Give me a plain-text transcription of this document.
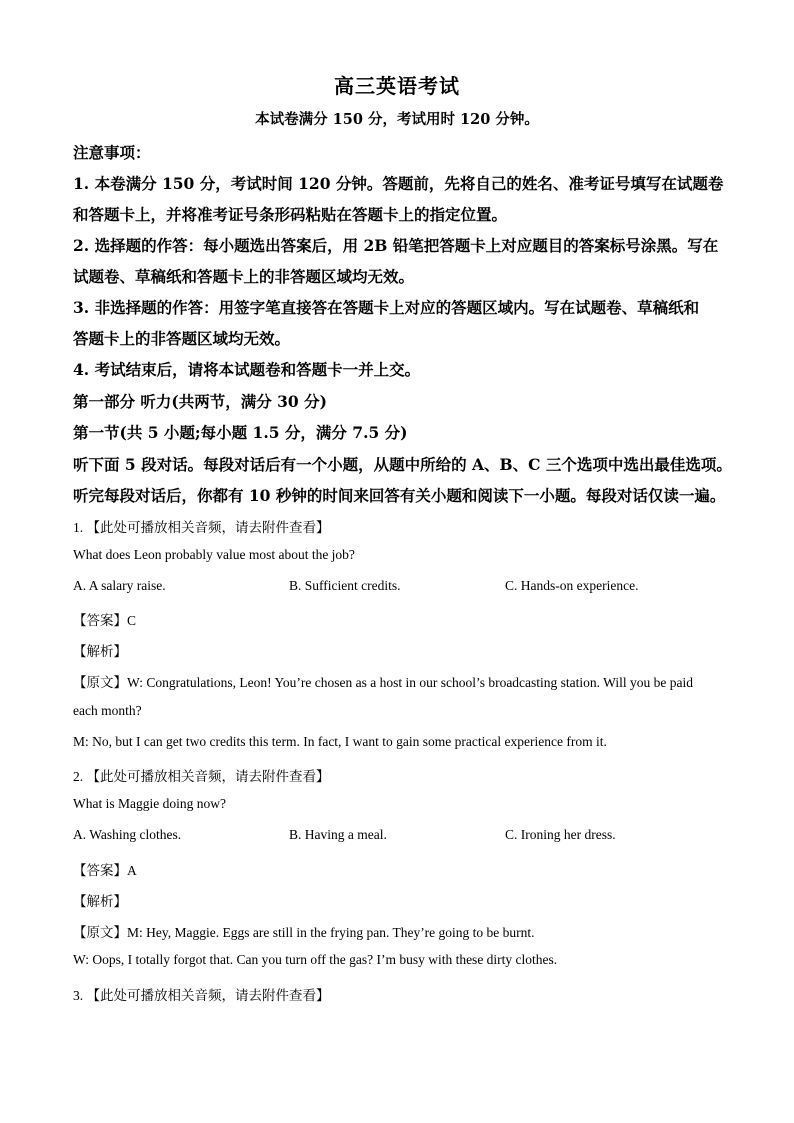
高三英语考试
本试卷满分 150 分，考试用时 120 分钟。
注意事项：
1. 本卷满分 150 分，考试时间 120 分钟。答题前，先将自己的姓名、准考证号填写在试题卷
和答题卡上，并将准考证号条形码粘贴在答题卡上的指定位置。
2. 选择题的作答：每小题选出答案后，用 2B 铅笔把答题卡上对应题目的答案标号涂黑。写在
试题卷、草稿纸和答题卡上的非答题区域均无效。
3. 非选择题的作答：用签字笔直接答在答题卡上对应的答题区域内。写在试题卷、草稿纸和
答题卡上的非答题区域均无效。
4. 考试结束后，请将本试题卷和答题卡一并上交。
第一部分 听力(共两节，满分 30 分)
第一节(共 5 小题;每小题 1.5 分，满分 7.5 分)
听下面 5 段对话。每段对话后有一个小题，从题中所给的 A、B、C 三个选项中选出最佳选项。
听完每段对话后，你都有 10 秒钟的时间来回答有关小题和阅读下一小题。每段对话仅读一遍。
1. 【此处可播放相关音频，请去附件查看】
What does Leon probably value most about the job?
A. A salary raise.	B. Sufficient credits.	C. Hands-on experience.
【答案】C
【解析】
【原文】W: Congratulations, Leon! You’re chosen as a host in our school’s broadcasting station. Will you be paid
each month?
M: No, but I can get two credits this term. In fact, I want to gain some practical experience from it.
2. 【此处可播放相关音频，请去附件查看】
What is Maggie doing now?
A. Washing clothes.	B. Having a meal.	C. Ironing her dress.
【答案】A
【解析】
【原文】M: Hey, Maggie. Eggs are still in the frying pan. They’re going to be burnt.
W: Oops, I totally forgot that. Can you turn off the gas? I’m busy with these dirty clothes.
3. 【此处可播放相关音频，请去附件查看】
